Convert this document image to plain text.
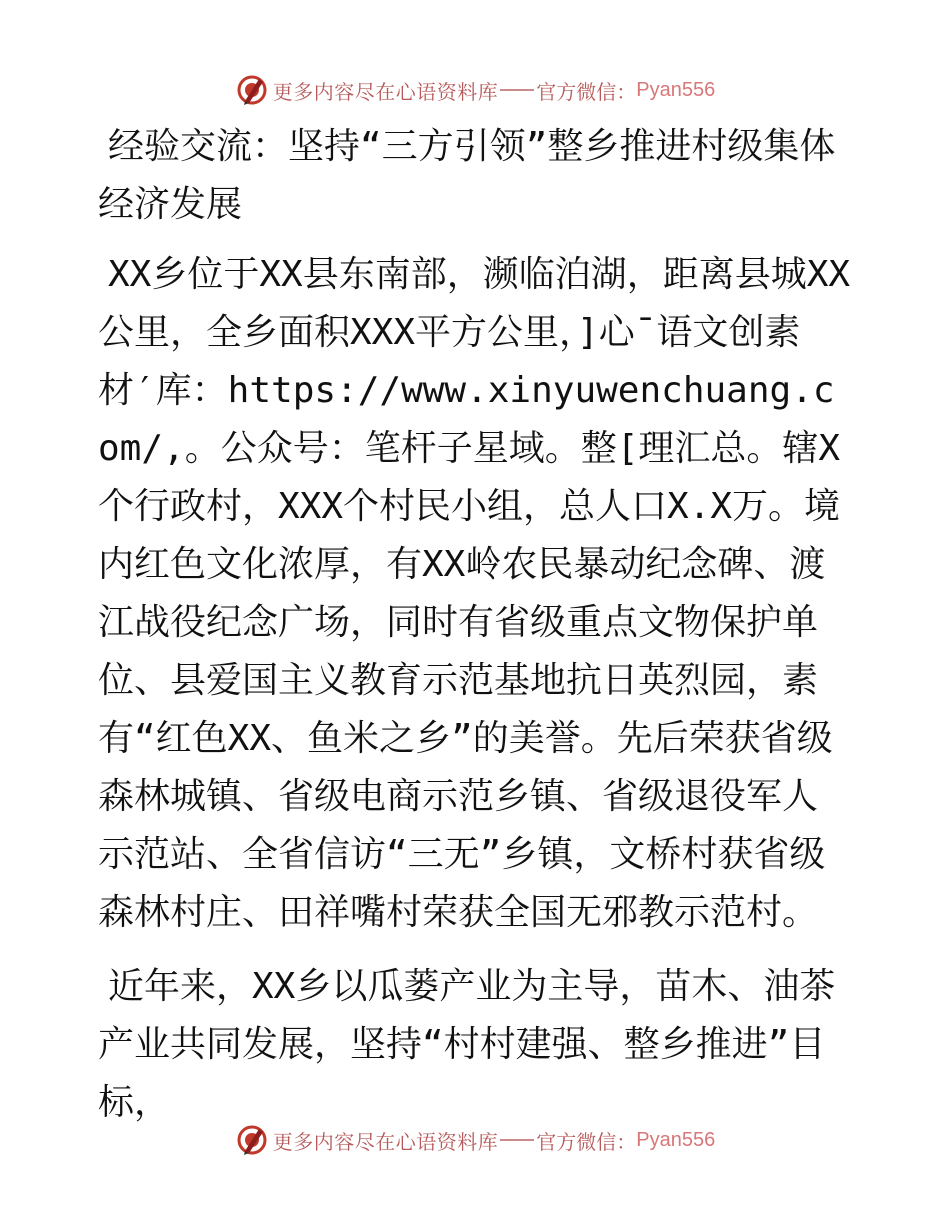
更多内容尽在心语资料库 官方微信： Pyan556

经验交流：坚持“三方引领”整乡推进村级集体经济发展

XX乡位于XX县东南部，濒临泊湖，距离县城XX公里，全乡面积XXX平方公里，]心¯语文创素材′库：https://www.xinyuwenchuang.com/,。公众号：笔杆子星域。整[理汇总。辖X个行政村，XXX个村民小组，总人口X.X万。境内红色文化浓厚，有XX岭农民暴动纪念碑、渡江战役纪念广场，同时有省级重点文物保护单位、县爱国主义教育示范基地抗日英烈园，素有“红色XX、鱼米之乡”的美誉。先后荣获省级森林城镇、省级电商示范乡镇、省级退役军人示范站、全省信访“三无”乡镇，文桥村获省级森林村庄、田祥嘴村荣获全国无邪教示范村。

近年来，XX乡以瓜蒌产业为主导，苗木、油茶产业共同发展，坚持“村村建强、整乡推进”目标，

更多内容尽在心语资料库 官方微信： Pyan556
